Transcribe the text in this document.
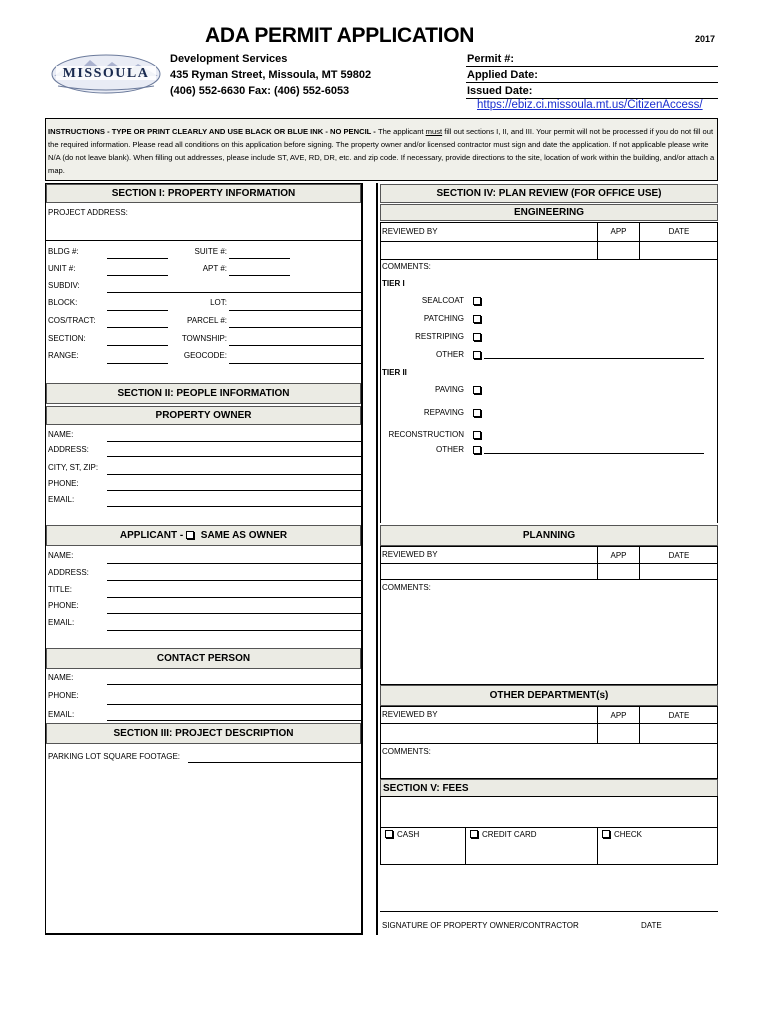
ADA PERMIT APPLICATION	2017
MISSOULA
Development Services
435 Ryman Street, Missoula, MT 59802
(406) 552-6630 Fax: (406) 552-6053
Permit #:
Applied Date:
Issued Date:
https://ebiz.ci.missoula.mt.us/CitizenAccess/
INSTRUCTIONS - TYPE OR PRINT CLEARLY AND USE BLACK OR BLUE INK - NO PENCIL - The applicant must fill out sections I, II, and III. Your permit will not be processed if you do not fill out the required information. Please read all conditions on this application before signing. The property owner and/or licensed contractor must sign and date the application. If not applicable please write N/A (do not leave blank). When filling out addresses, please include ST, AVE, RD, DR, etc. and zip code. If necessary, provide directions to the site, location of work within the building, and/or attach a map.
SECTION I: PROPERTY INFORMATION
PROJECT ADDRESS:
BLDG #:	SUITE #:
UNIT #:	APT #:
SUBDIV:
BLOCK:	LOT:
COS/TRACT:	PARCEL #:
SECTION:	TOWNSHIP:
RANGE:	GEOCODE:
SECTION II: PEOPLE INFORMATION
PROPERTY OWNER
NAME:
ADDRESS:
CITY, ST, ZIP:
PHONE:
EMAIL:
APPLICANT -  SAME AS OWNER
NAME:
ADDRESS:
TITLE:
PHONE:
EMAIL:
CONTACT PERSON
NAME:
PHONE:
EMAIL:
SECTION III: PROJECT DESCRIPTION
PARKING LOT SQUARE FOOTAGE:
SECTION IV: PLAN REVIEW (FOR OFFICE USE)
ENGINEERING
REVIEWED BY	APP	DATE
COMMENTS:
TIER I
SEALCOAT
PATCHING
RESTRIPING
OTHER
TIER II
PAVING
REPAVING
RECONSTRUCTION
OTHER
PLANNING
REVIEWED BY	APP	DATE
COMMENTS:
OTHER DEPARTMENT(s)
REVIEWED BY	APP	DATE
COMMENTS:
SECTION V: FEES
CASH	CREDIT CARD	CHECK
SIGNATURE OF PROPERTY OWNER/CONTRACTOR	DATE
